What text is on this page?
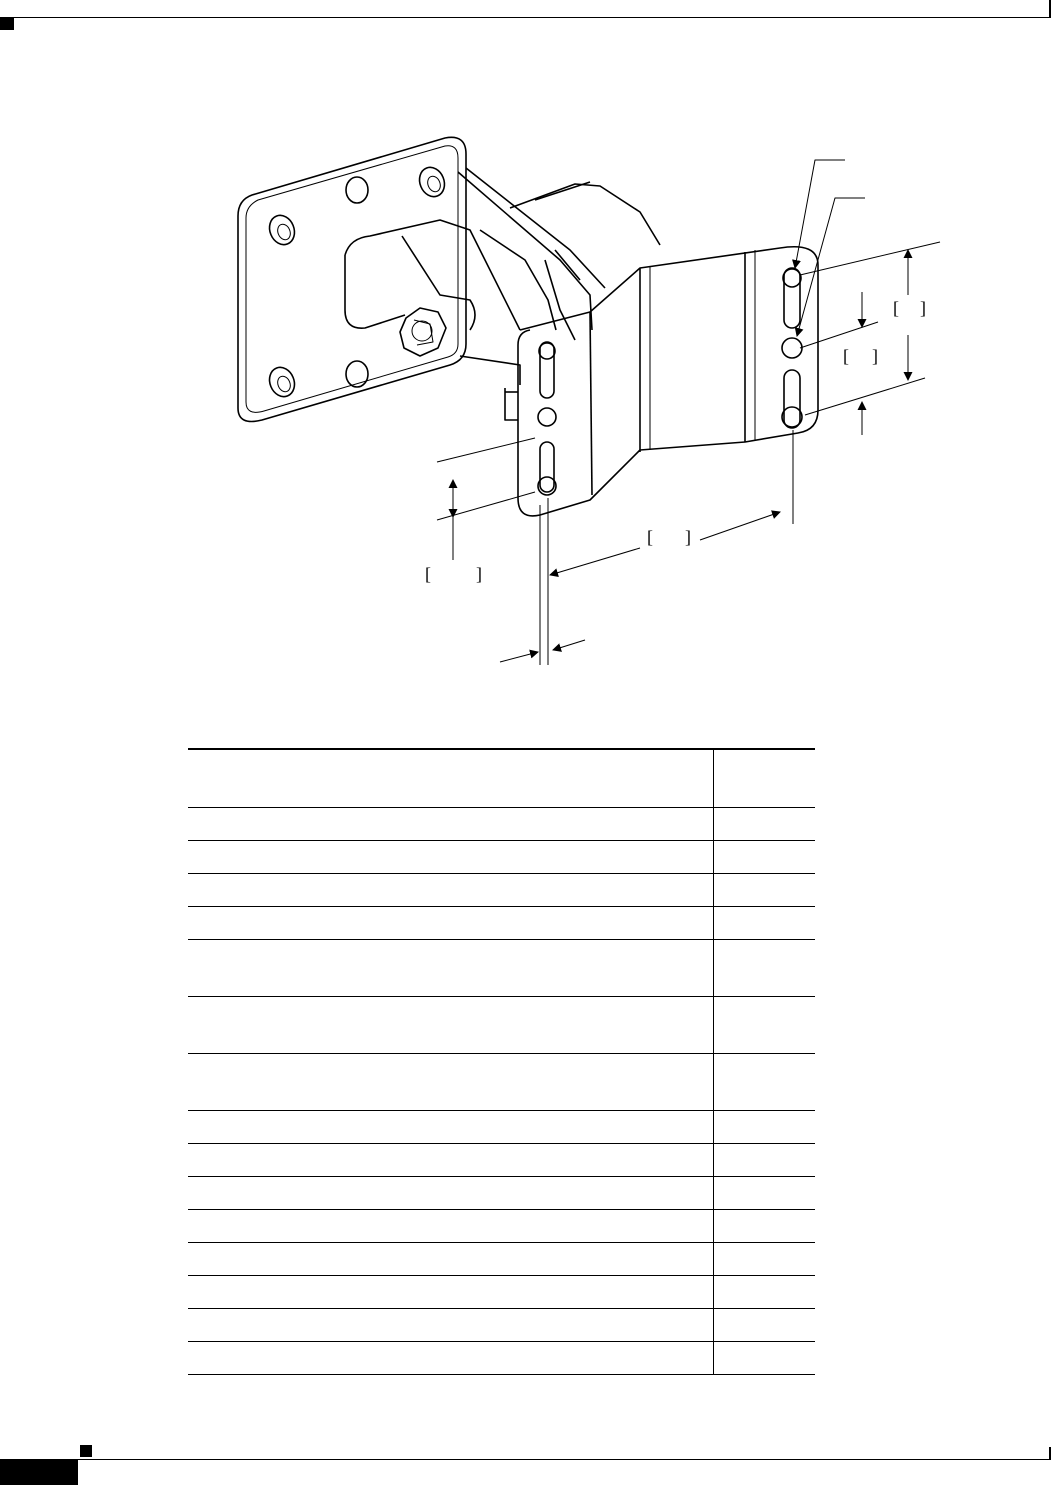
[ ]
[ ]
[ ]
[	]
